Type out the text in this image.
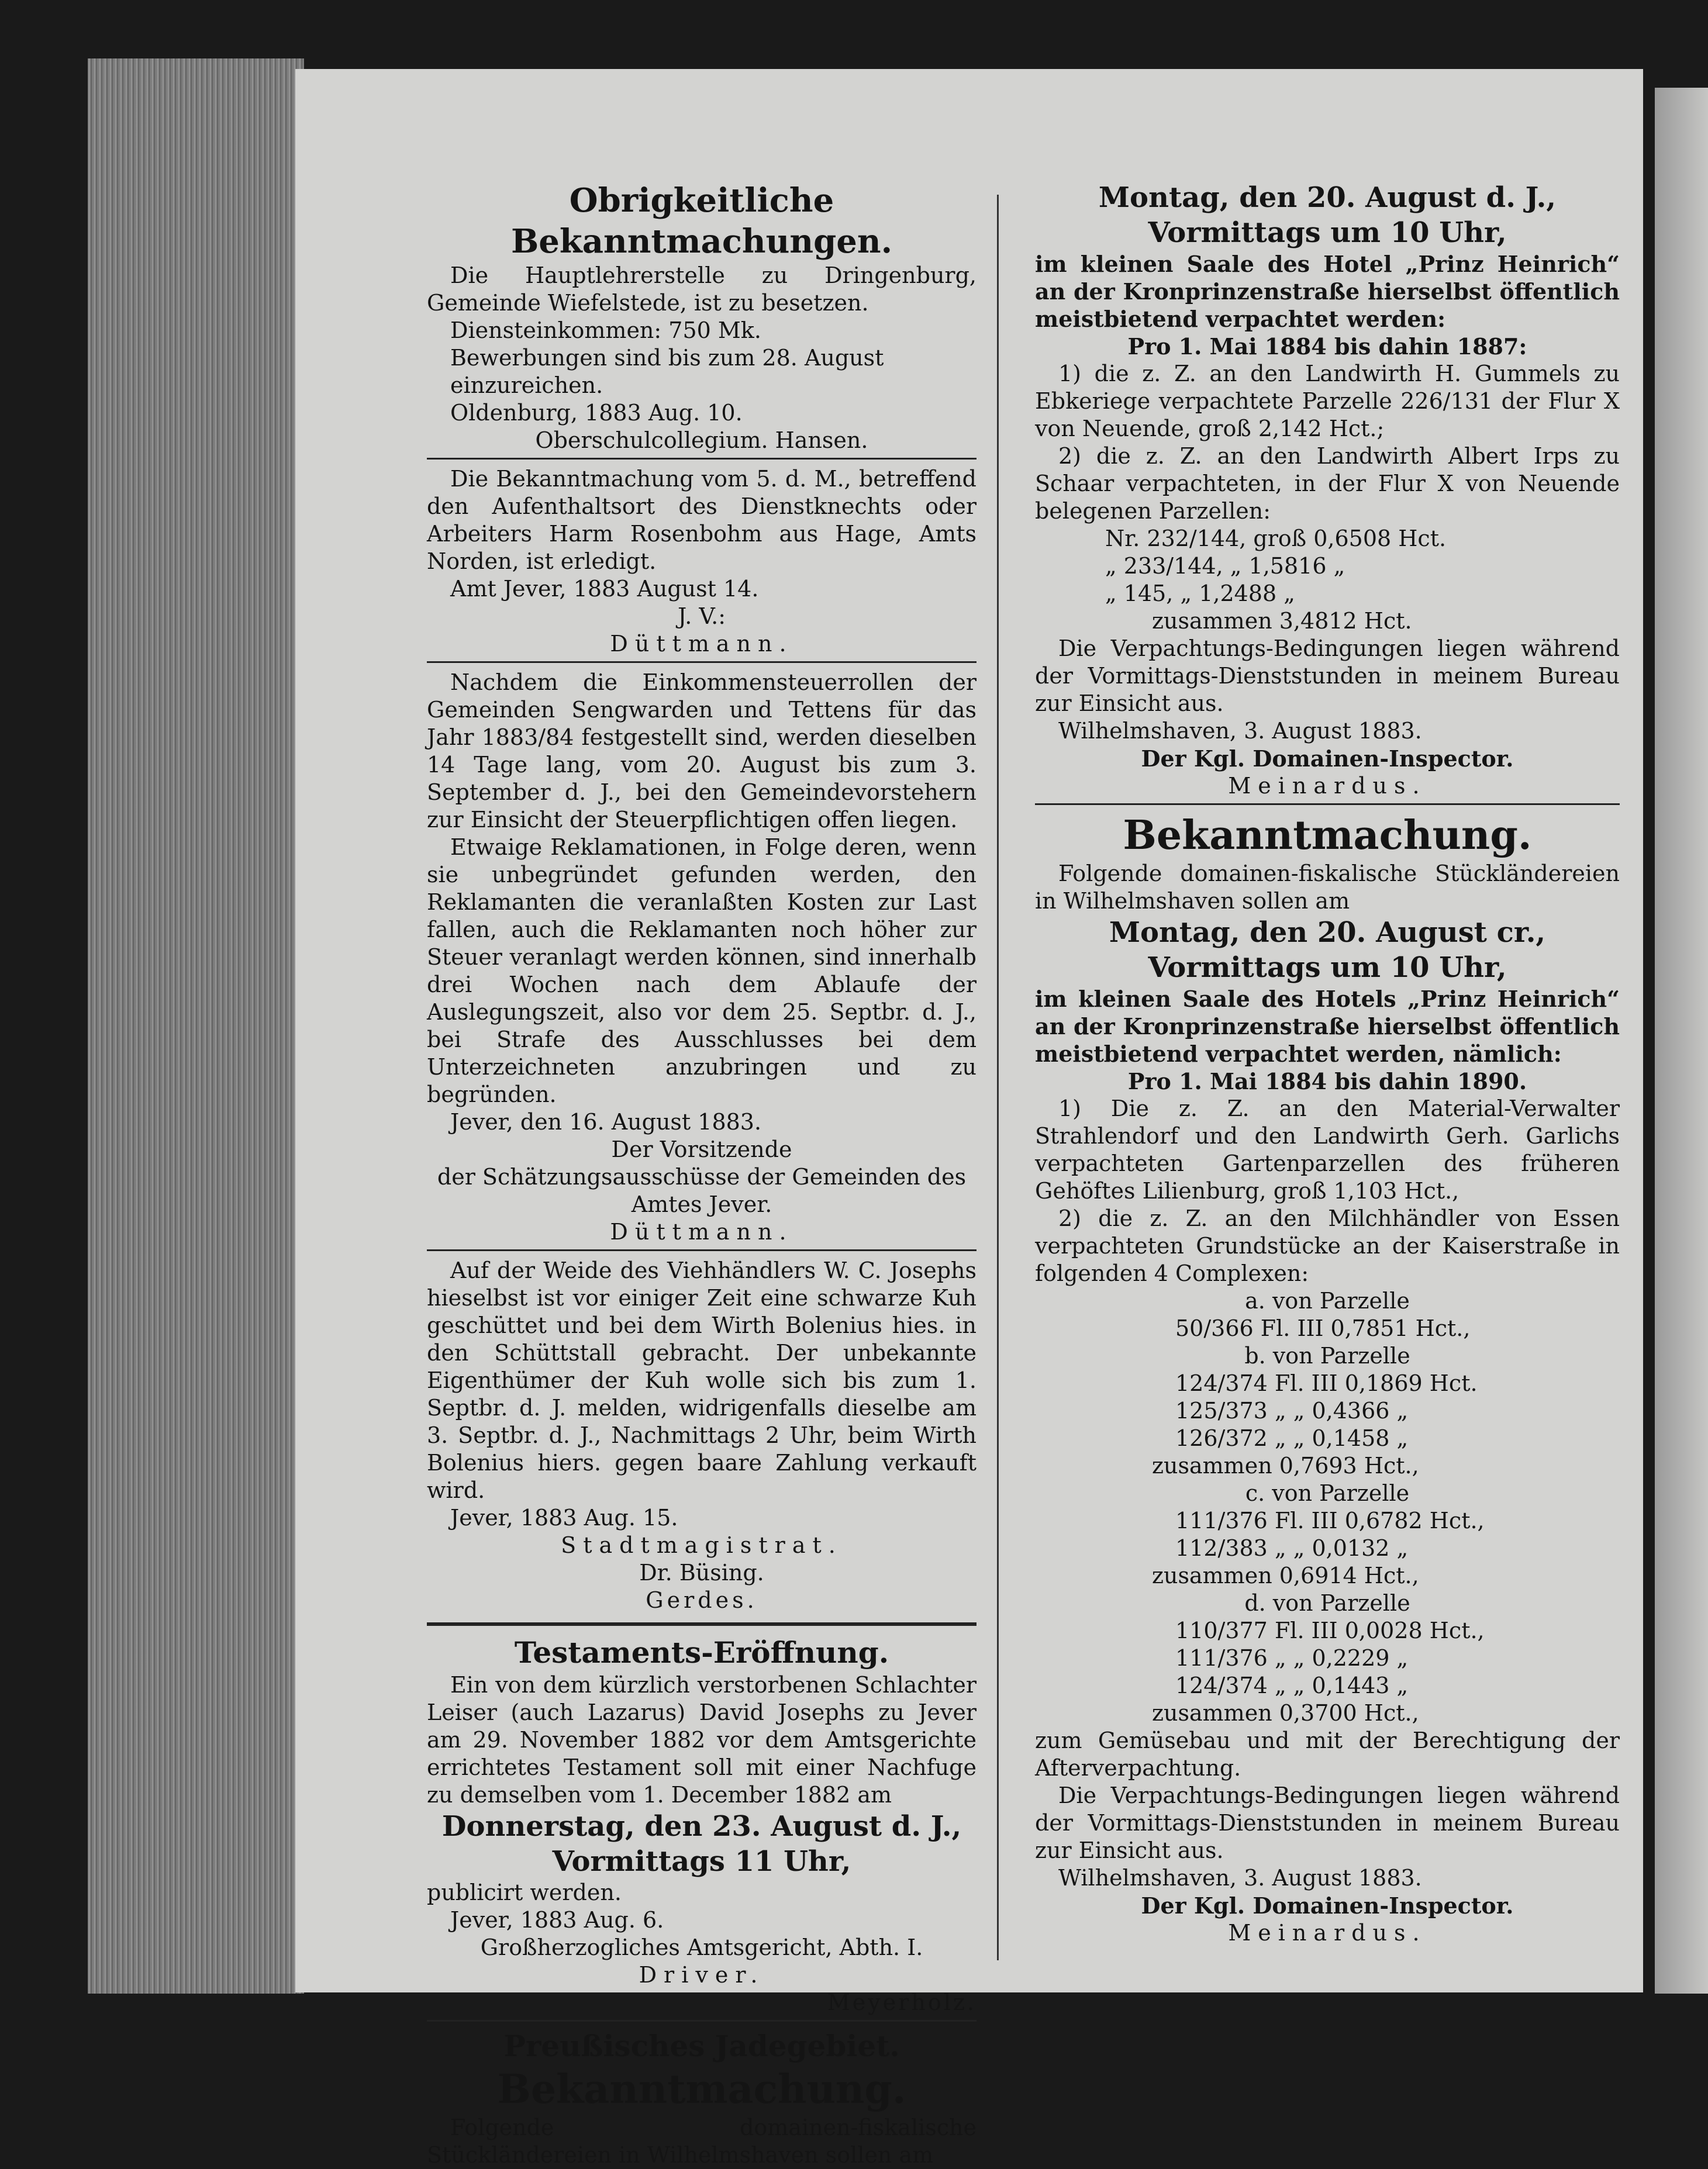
Obrigkeitliche Bekanntmachungen.

Die Hauptlehrerstelle zu Dringenburg, Gemeinde Wiefelstede, ist zu besetzen.

Diensteinkommen: 750 Mk.

Bewerbungen sind bis zum 28. August einzureichen.

Oldenburg, 1883 Aug. 10.

Oberschulcollegium. Hansen.

Die Bekanntmachung vom 5. d. M., betreffend den Aufenthaltsort des Dienstknechts oder Arbeiters Harm Rosenbohm aus Hage, Amts Norden, ist erledigt.

Amt Jever, 1883 August 14.

J. V.:

Düttmann.

Nachdem die Einkommensteuerrollen der Gemeinden Sengwarden und Tettens für das Jahr 1883/84 festgestellt sind, werden dieselben 14 Tage lang, vom 20. August bis zum 3. September d. J., bei den Gemeindevorstehern zur Einsicht der Steuerpflichtigen offen liegen.

Etwaige Reklamationen, in Folge deren, wenn sie unbegründet gefunden werden, den Reklamanten die veranlaßten Kosten zur Last fallen, auch die Reklamanten noch höher zur Steuer veranlagt werden können, sind innerhalb drei Wochen nach dem Ablaufe der Auslegungszeit, also vor dem 25. Septbr. d. J., bei Strafe des Ausschlusses bei dem Unterzeichneten anzubringen und zu begründen.

Jever, den 16. August 1883.

Der Vorsitzende

der Schätzungsausschüsse der Gemeinden des Amtes Jever.

Düttmann.

Auf der Weide des Viehhändlers W. C. Josephs hieselbst ist vor einiger Zeit eine schwarze Kuh geschüttet und bei dem Wirth Bolenius hies. in den Schüttstall gebracht. Der unbekannte Eigenthümer der Kuh wolle sich bis zum 1. Septbr. d. J. melden, widrigenfalls dieselbe am 3. Septbr. d. J., Nachmittags 2 Uhr, beim Wirth Bolenius hiers. gegen baare Zahlung verkauft wird.

Jever, 1883 Aug. 15.

Stadtmagistrat.

Dr. Büsing.

Gerdes.

Testaments-Eröffnung.

Ein von dem kürzlich verstorbenen Schlachter Leiser (auch Lazarus) David Josephs zu Jever am 29. November 1882 vor dem Amtsgerichte errichtetes Testament soll mit einer Nachfuge zu demselben vom 1. December 1882 am

Donnerstag, den 23. August d. J.,
Vormittags 11 Uhr,

publicirt werden.

Jever, 1883 Aug. 6.

Großherzogliches Amtsgericht, Abth. I.

Driver.

Meyerholz.

Preußisches Jadegebiet.
Bekanntmachung.

Folgende domainen-fiskalische Stückländereien in Wilhelmshaven sollen am

Montag, den 20. August d. J.,
Vormittags um 10 Uhr,

im kleinen Saale des Hotel „Prinz Heinrich“ an der Kronprinzenstraße hierselbst öffentlich meistbietend verpachtet werden:

Pro 1. Mai 1884 bis dahin 1887:

1) die z. Z. an den Landwirth H. Gummels zu Ebkeriege verpachtete Parzelle 226/131 der Flur X von Neuende, groß 2,142 Hct.;

2) die z. Z. an den Landwirth Albert Irps zu Schaar verpachteten, in der Flur X von Neuende belegenen Parzellen:

Nr. 232/144, groß 0,6508 Hct.

„ 233/144, „ 1,5816 „

„ 145, „ 1,2488 „

zusammen 3,4812 Hct.

Die Verpachtungs-Bedingungen liegen während der Vormittags-Dienststunden in meinem Bureau zur Einsicht aus.

Wilhelmshaven, 3. August 1883.

Der Kgl. Domainen-Inspector.

Meinardus.

Bekanntmachung.

Folgende domainen-fiskalische Stückländereien in Wilhelmshaven sollen am

Montag, den 20. August cr.,
Vormittags um 10 Uhr,

im kleinen Saale des Hotels „Prinz Heinrich“ an der Kronprinzenstraße hierselbst öffentlich meistbietend verpachtet werden, nämlich:

Pro 1. Mai 1884 bis dahin 1890.

1) Die z. Z. an den Material-Verwalter Strahlendorf und den Landwirth Gerh. Garlichs verpachteten Gartenparzellen des früheren Gehöftes Lilienburg, groß 1,103 Hct.,

2) die z. Z. an den Milchhändler von Essen verpachteten Grundstücke an der Kaiserstraße in folgenden 4 Complexen:

a. von Parzelle

50/366 Fl. III 0,7851 Hct.,

b. von Parzelle

124/374 Fl. III 0,1869 Hct.

125/373 „ „ 0,4366 „

126/372 „ „ 0,1458 „

zusammen 0,7693 Hct.,

c. von Parzelle

111/376 Fl. III 0,6782 Hct.,

112/383 „ „ 0,0132 „

zusammen 0,6914 Hct.,

d. von Parzelle

110/377 Fl. III 0,0028 Hct.,

111/376 „ „ 0,2229 „

124/374 „ „ 0,1443 „

zusammen 0,3700 Hct.,

zum Gemüsebau und mit der Berechtigung der Afterverpachtung.

Die Verpachtungs-Bedingungen liegen während der Vormittags-Dienststunden in meinem Bureau zur Einsicht aus.

Wilhelmshaven, 3. August 1883.

Der Kgl. Domainen-Inspector.

Meinardus.
